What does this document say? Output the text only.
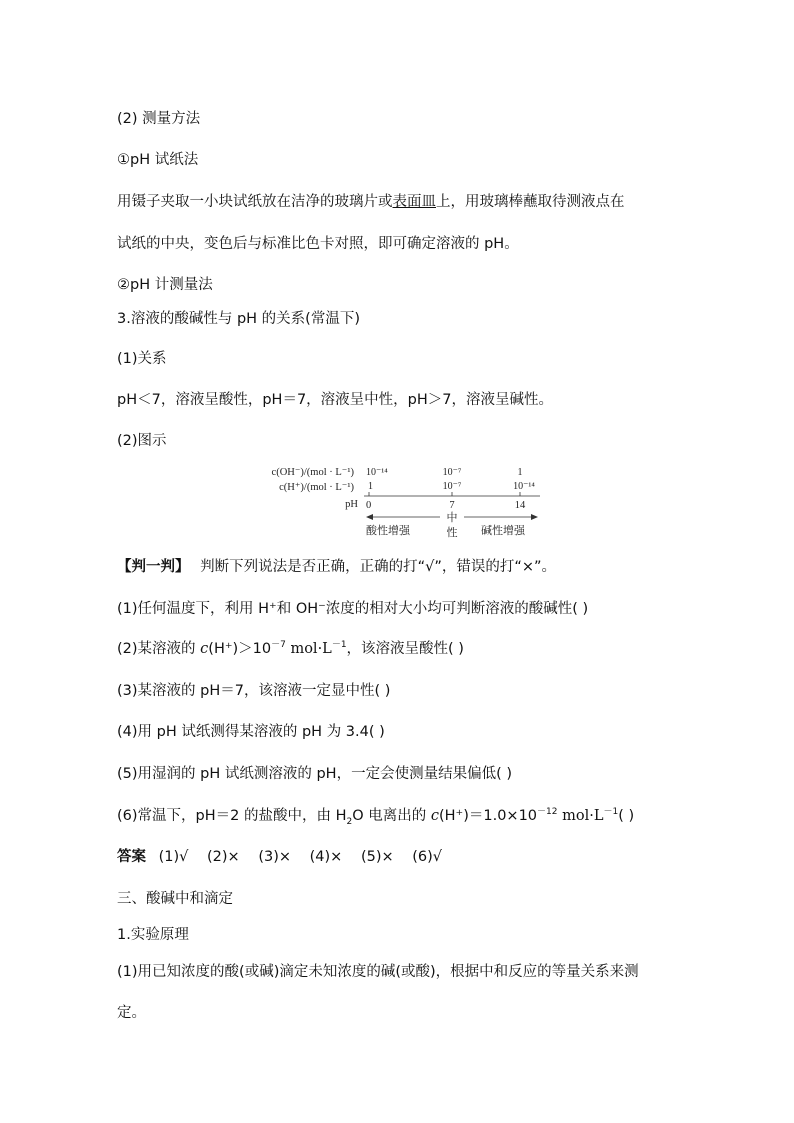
(2) 测量方法
①pH 试纸法
用镊子夹取一小块试纸放在洁净的玻璃片或表面皿上，用玻璃棒蘸取待测液点在
试纸的中央，变色后与标准比色卡对照，即可确定溶液的 pH。
②pH 计测量法
3.溶液的酸碱性与 pH 的关系(常温下)
(1)关系
pH＜7，溶液呈酸性，pH＝7，溶液呈中性，pH＞7，溶液呈碱性。
(2)图示
c(OH⁻)/(mol · L⁻¹)
c(H⁺)/(mol · L⁻¹)
pH
10⁻¹⁴	10⁻⁷	1
1	10⁻⁷	10⁻¹⁴
0	7	14
中
性
酸性增强	碱性增强
【判一判】 判断下列说法是否正确，正确的打“√”，错误的打“×”。
(1)任何温度下，利用 H⁺和 OH⁻浓度的相对大小均可判断溶液的酸碱性( )
(2)某溶液的 $c(H^+)>10^{-7}$ $mol\cdot L^{-1}$，该溶液呈酸性( )
(3)某溶液的 pH＝7，该溶液一定显中性( )
(4)用 pH 试纸测得某溶液的 pH 为 3.4( )
(5)用湿润的 pH 试纸测溶液的 pH，一定会使测量结果偏低( )
(6)常温下，pH＝2 的盐酸中，由 $H_2O$ 电离出的 $c(H^+)=1.0\times 10^{-12}$ $mol\cdot L^{-1}$( )
答案 (1)√ (2)× (3)× (4)× (5)× (6)√
三、酸碱中和滴定
1.实验原理
(1)用已知浓度的酸(或碱)滴定未知浓度的碱(或酸)，根据中和反应的等量关系来测
定。
